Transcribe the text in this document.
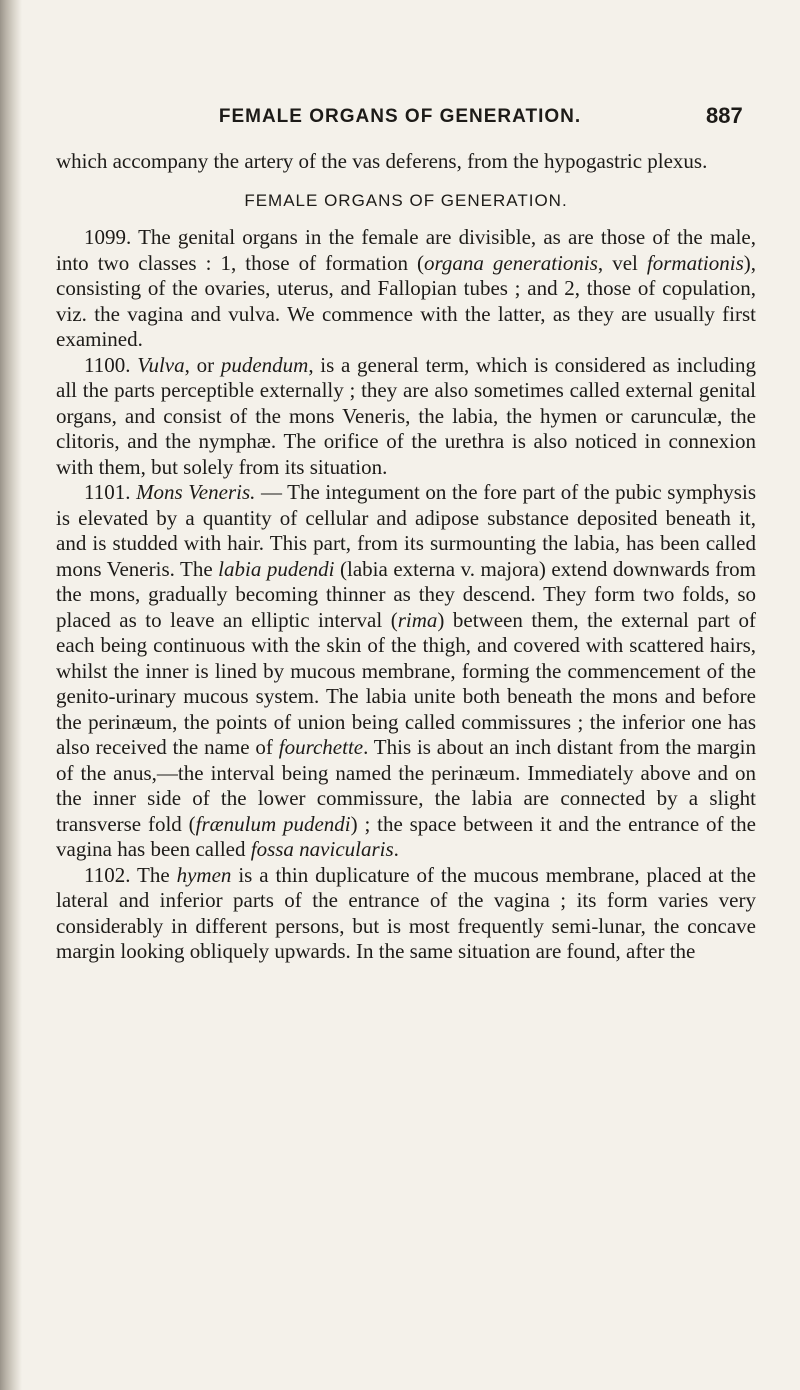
FEMALE ORGANS OF GENERATION.	887

which accompany the artery of the vas deferens, from the hypogastric plexus.

FEMALE ORGANS OF GENERATION.

1099. The genital organs in the female are divisible, as are those of the male, into two classes : 1, those of formation (organa generationis, vel formationis), consisting of the ovaries, uterus, and Fallopian tubes ; and 2, those of copulation, viz. the vagina and vulva. We commence with the latter, as they are usually first examined.

1100. Vulva, or pudendum, is a general term, which is considered as including all the parts perceptible externally ; they are also sometimes called external genital organs, and consist of the mons Veneris, the labia, the hymen or carunculæ, the clitoris, and the nymphæ. The orifice of the urethra is also noticed in connexion with them, but solely from its situation.

1101. Mons Veneris. — The integument on the fore part of the pubic symphysis is elevated by a quantity of cellular and adipose substance deposited beneath it, and is studded with hair. This part, from its surmounting the labia, has been called mons Veneris. The labia pudendi (labia externa v. majora) extend downwards from the mons, gradually becoming thinner as they descend. They form two folds, so placed as to leave an elliptic interval (rima) between them, the external part of each being continuous with the skin of the thigh, and covered with scattered hairs, whilst the inner is lined by mucous membrane, forming the commencement of the genito-urinary mucous system. The labia unite both beneath the mons and before the perinæum, the points of union being called commissures ; the inferior one has also received the name of fourchette. This is about an inch distant from the margin of the anus,—the interval being named the perinæum. Immediately above and on the inner side of the lower commissure, the labia are connected by a slight transverse fold (frænulum pudendi) ; the space between it and the entrance of the vagina has been called fossa navicularis.

1102. The hymen is a thin duplicature of the mucous membrane, placed at the lateral and inferior parts of the entrance of the vagina ; its form varies very considerably in different persons, but is most frequently semi-lunar, the concave margin looking obliquely upwards. In the same situation are found, after the
